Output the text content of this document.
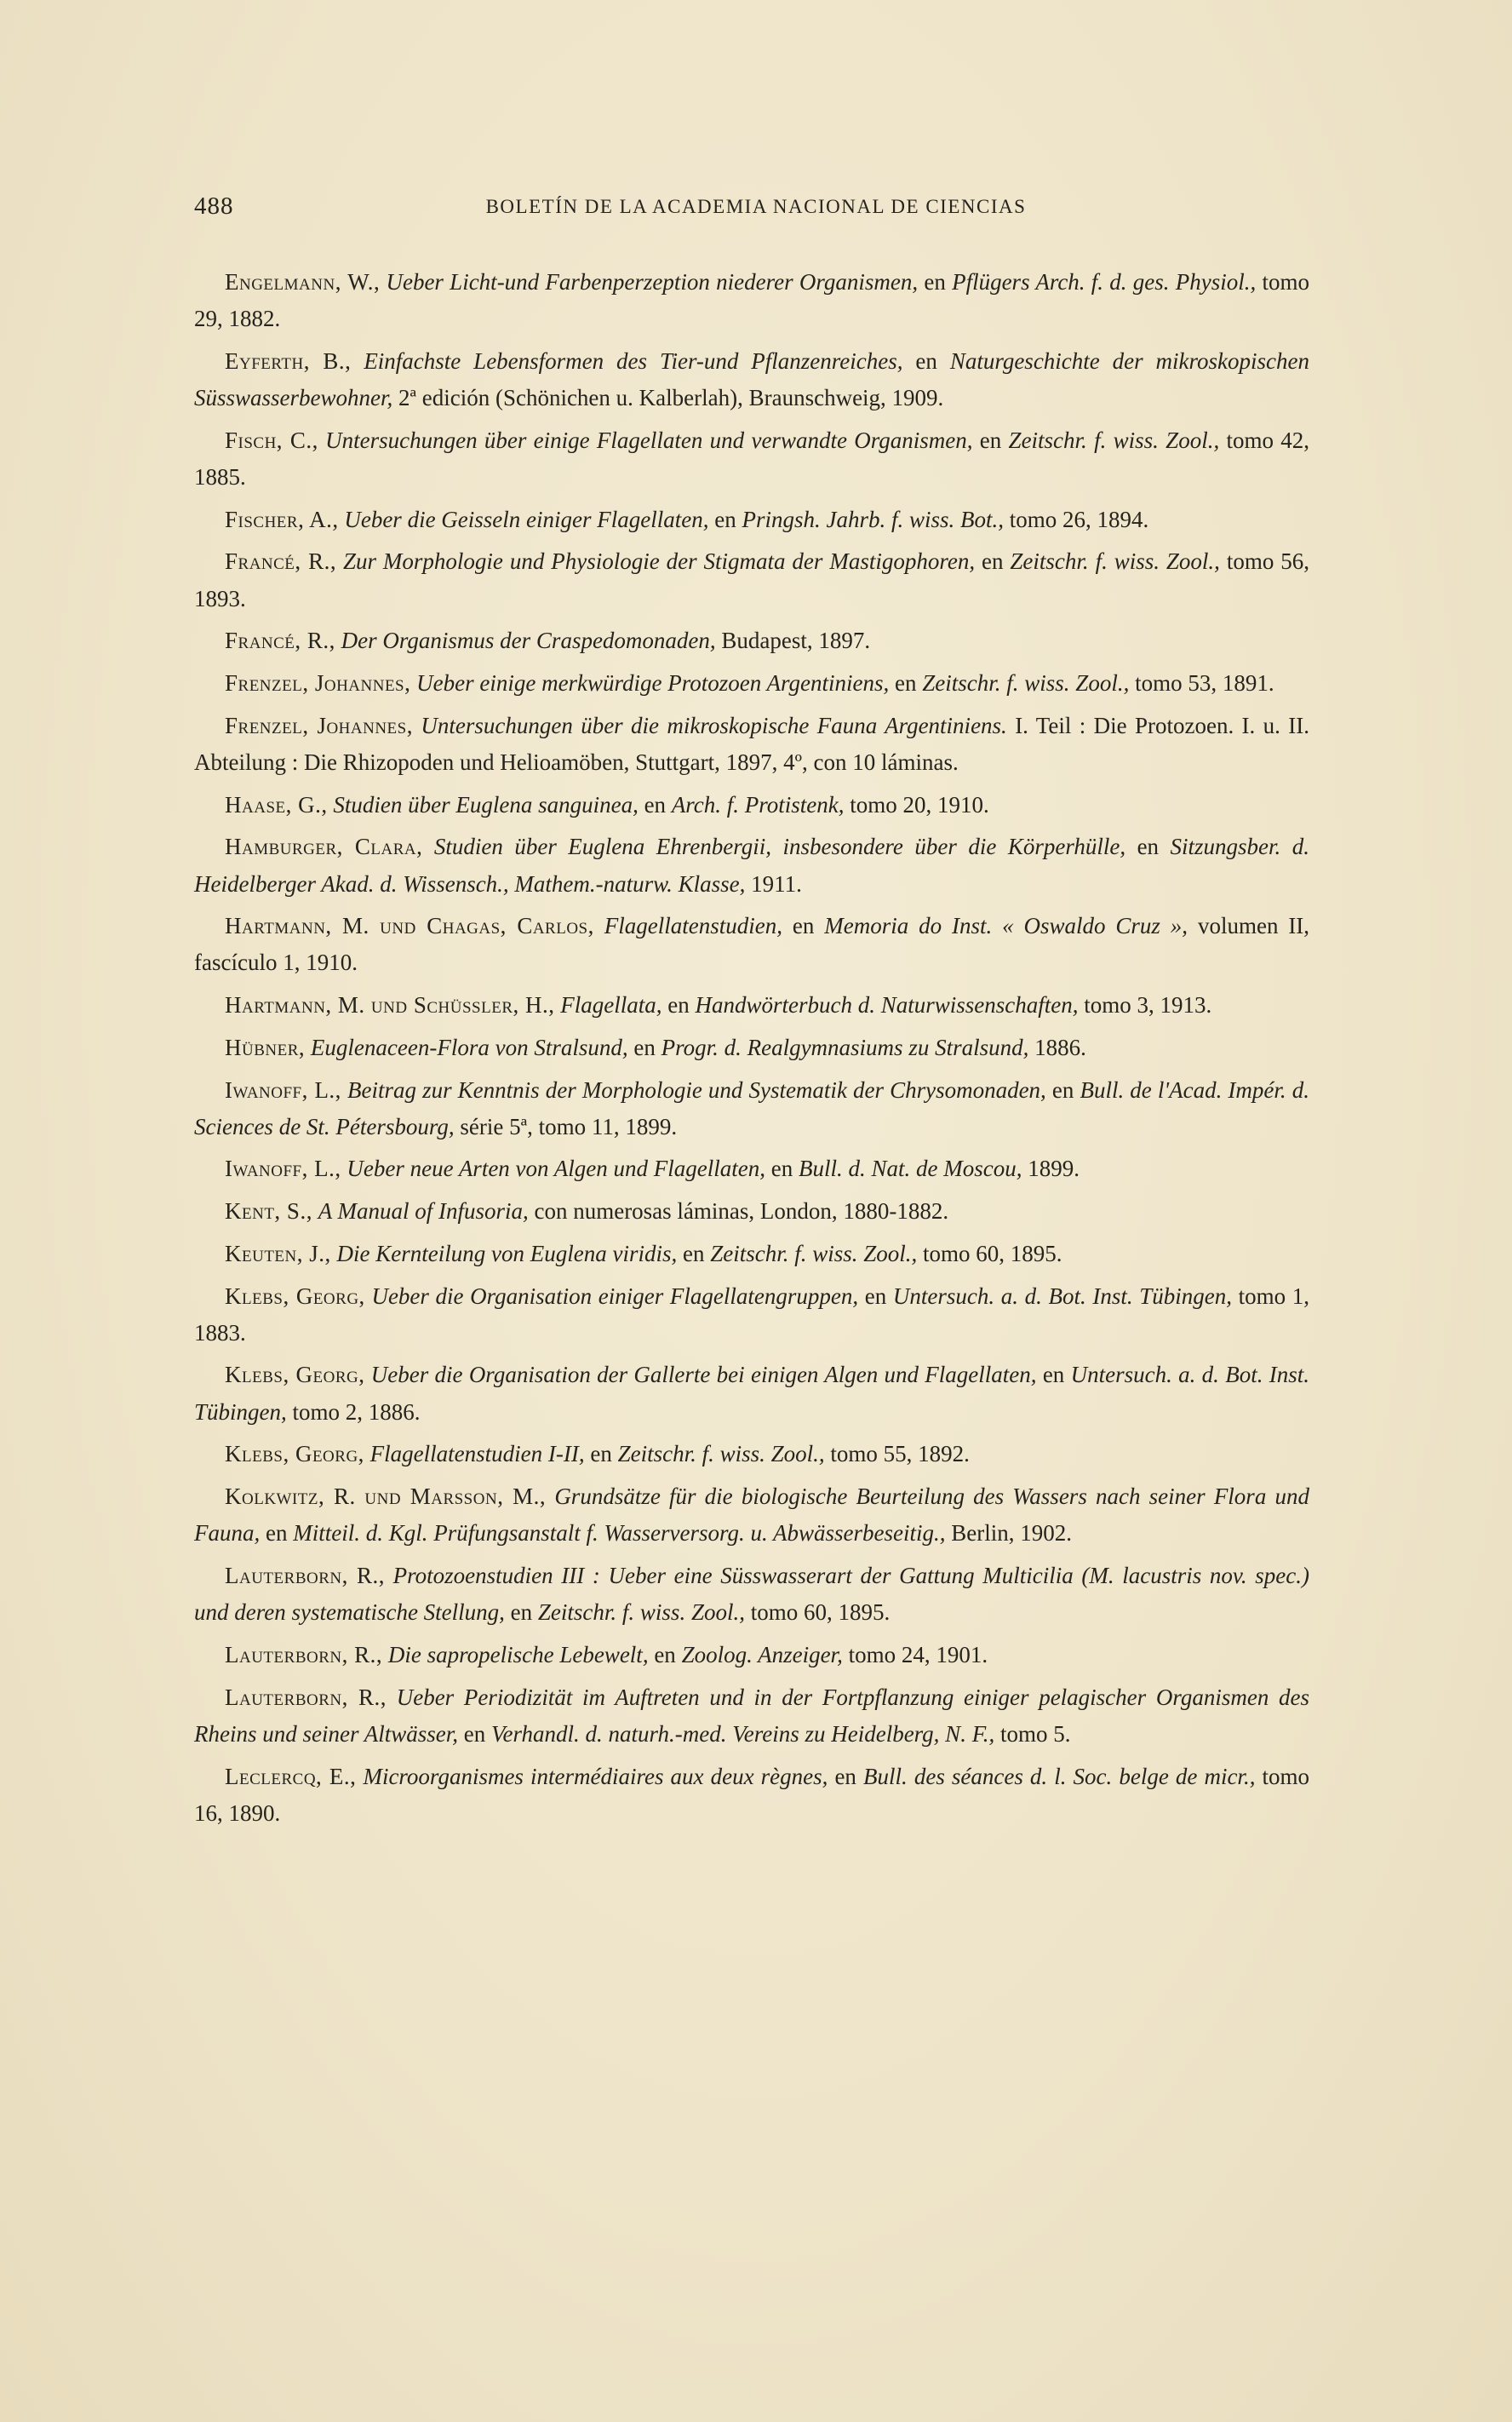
488	BOLETÍN DE LA ACADEMIA NACIONAL DE CIENCIAS

Engelmann, W., Ueber Licht-und Farbenperzeption niederer Organismen, en Pflügers Arch. f. d. ges. Physiol., tomo 29, 1882.

Eyferth, B., Einfachste Lebensformen des Tier-und Pflanzenreiches, en Naturgeschichte der mikroskopischen Süsswasserbewohner, 2ª edición (Schönichen u. Kalberlah), Braunschweig, 1909.

Fisch, C., Untersuchungen über einige Flagellaten und verwandte Organismen, en Zeitschr. f. wiss. Zool., tomo 42, 1885.

Fischer, A., Ueber die Geisseln einiger Flagellaten, en Pringsh. Jahrb. f. wiss. Bot., tomo 26, 1894.

Francé, R., Zur Morphologie und Physiologie der Stigmata der Mastigophoren, en Zeitschr. f. wiss. Zool., tomo 56, 1893.

Francé, R., Der Organismus der Craspedomonaden, Budapest, 1897.

Frenzel, Johannes, Ueber einige merkwürdige Protozoen Argentiniens, en Zeitschr. f. wiss. Zool., tomo 53, 1891.

Frenzel, Johannes, Untersuchungen über die mikroskopische Fauna Argentiniens. I. Teil : Die Protozoen. I. u. II. Abteilung : Die Rhizopoden und Helioamöben, Stuttgart, 1897, 4º, con 10 láminas.

Haase, G., Studien über Euglena sanguinea, en Arch. f. Protistenk, tomo 20, 1910.

Hamburger, Clara, Studien über Euglena Ehrenbergii, insbesondere über die Körperhülle, en Sitzungsber. d. Heidelberger Akad. d. Wissensch., Mathem.-naturw. Klasse, 1911.

Hartmann, M. und Chagas, Carlos, Flagellatenstudien, en Memoria do Inst. « Oswaldo Cruz », volumen II, fascículo 1, 1910.

Hartmann, M. und Schüssler, H., Flagellata, en Handwörterbuch d. Naturwissenschaften, tomo 3, 1913.

Hübner, Euglenaceen-Flora von Stralsund, en Progr. d. Realgymnasiums zu Stralsund, 1886.

Iwanoff, L., Beitrag zur Kenntnis der Morphologie und Systematik der Chrysomonaden, en Bull. de l'Acad. Impér. d. Sciences de St. Pétersbourg, série 5ª, tomo 11, 1899.

Iwanoff, L., Ueber neue Arten von Algen und Flagellaten, en Bull. d. Nat. de Moscou, 1899.

Kent, S., A Manual of Infusoria, con numerosas láminas, London, 1880-1882.

Keuten, J., Die Kernteilung von Euglena viridis, en Zeitschr. f. wiss. Zool., tomo 60, 1895.

Klebs, Georg, Ueber die Organisation einiger Flagellatengruppen, en Untersuch. a. d. Bot. Inst. Tübingen, tomo 1, 1883.

Klebs, Georg, Ueber die Organisation der Gallerte bei einigen Algen und Flagellaten, en Untersuch. a. d. Bot. Inst. Tübingen, tomo 2, 1886.

Klebs, Georg, Flagellatenstudien I-II, en Zeitschr. f. wiss. Zool., tomo 55, 1892.

Kolkwitz, R. und Marsson, M., Grundsätze für die biologische Beurteilung des Wassers nach seiner Flora und Fauna, en Mitteil. d. Kgl. Prüfungsanstalt f. Wasserversorg. u. Abwässerbeseitig., Berlin, 1902.

Lauterborn, R., Protozoenstudien III : Ueber eine Süsswasserart der Gattung Multicilia (M. lacustris nov. spec.) und deren systematische Stellung, en Zeitschr. f. wiss. Zool., tomo 60, 1895.

Lauterborn, R., Die sapropelische Lebewelt, en Zoolog. Anzeiger, tomo 24, 1901.

Lauterborn, R., Ueber Periodizität im Auftreten und in der Fortpflanzung einiger pelagischer Organismen des Rheins und seiner Altwässer, en Verhandl. d. naturh.-med. Vereins zu Heidelberg, N. F., tomo 5.

Leclercq, E., Microorganismes intermédiaires aux deux règnes, en Bull. des séances d. l. Soc. belge de micr., tomo 16, 1890.
